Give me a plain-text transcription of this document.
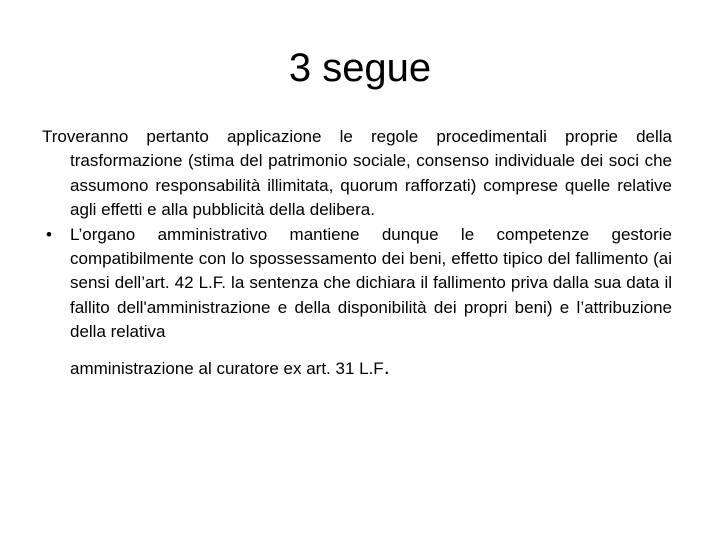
3 segue

Troveranno pertanto applicazione le regole procedimentali proprie della trasformazione (stima del patrimonio sociale, consenso individuale dei soci che assumono responsabilità illimitata, quorum rafforzati) comprese quelle relative agli effetti e alla pubblicità della delibera.

• L’organo amministrativo mantiene dunque le competenze gestorie compatibilmente con lo spossessamento dei beni, effetto tipico del fallimento (ai sensi dell’art. 42 L.F. la sentenza che dichiara il fallimento priva dalla sua data il fallito dell'amministrazione e della disponibilità dei propri beni) e l’attribuzione della relativa

amministrazione al curatore ex art. 31 L.F.
